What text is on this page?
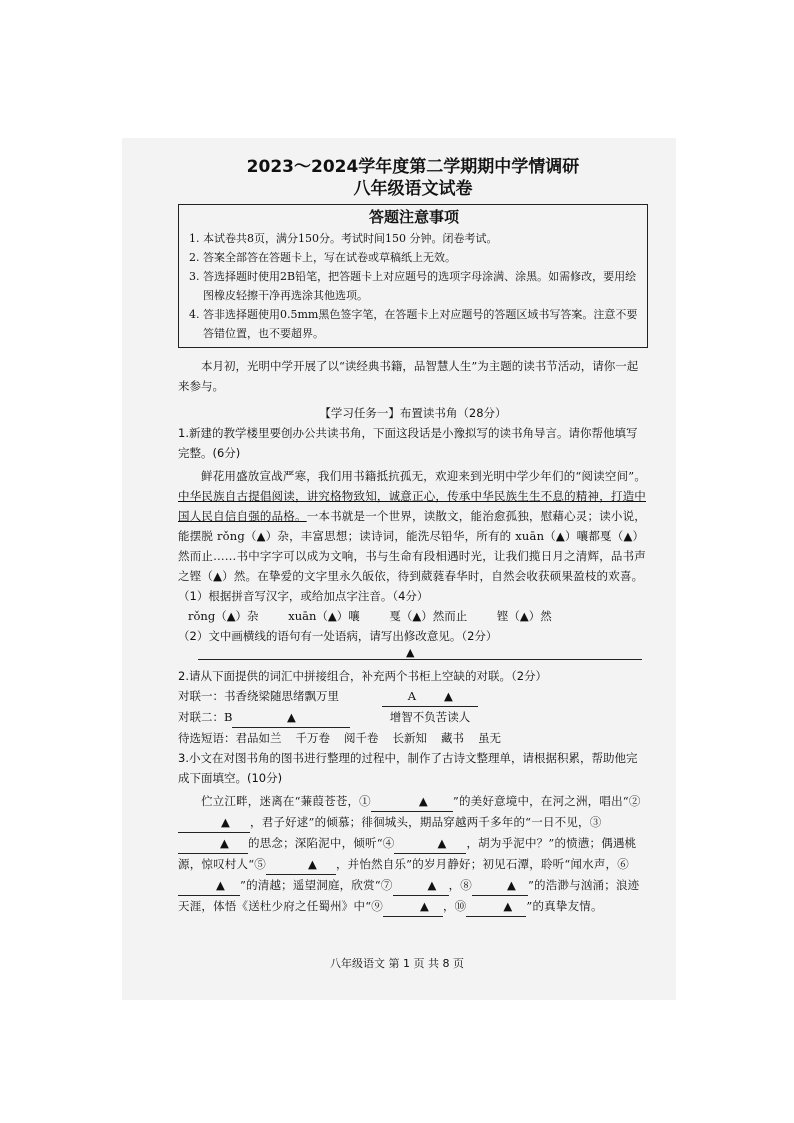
2023～2024学年度第二学期期中学情调研
八年级语文试卷
答题注意事项
1. 本试卷共8页，满分150分。考试时间150 分钟。闭卷考试。
2. 答案全部答在答题卡上，写在试卷或草稿纸上无效。
3. 答选择题时使用2B铅笔，把答题卡上对应题号的选项字母涂满、涂黑。如需修改，要用绘图橡皮轻擦干净再选涂其他选项。
4. 答非选择题使用0.5mm黑色签字笔，在答题卡上对应题号的答题区域书写答案。注意不要答错位置，也不要超界。

本月初，光明中学开展了以“读经典书籍，品智慧人生”为主题的读书节活动，请你一起来参与。

【学习任务一】布置读书角（28分）

1.新建的教学楼里要创办公共读书角，下面这段话是小豫拟写的读书角导言。请你帮他填写完整。(6分)

鲜花用盛放宣战严寒，我们用书籍抵抗孤无，欢迎来到光明中学少年们的“阅读空间”。中华民族自古提倡阅读，讲究格物致知，诚意正心，传承中华民族生生不息的精神，打造中国人民自信自强的品格。一本书就是一个世界，读散文，能治愈孤独，慰藉心灵；读小说，能摆脱 rǒng（▲）杂，丰富思想；读诗词，能洗尽铅华，所有的 xuān（▲）嚷都戛（▲）然而止……书中字字可以成为文响，书与生命有段相遇时光，让我们揽日月之清辉，品书声之铿（▲）然。在挚爱的文字里永久皈依，待到葳蕤春华时，自然会收获硕果盈枝的欢喜。

（1）根据拼音写汉字，或给加点字注音。（4分）

rǒng（▲）杂	xuān（▲）嚷	戛（▲）然而止	铿（▲）然

（2）文中画横线的语句有一处语病，请写出修改意见。（2分）

▲

2.请从下面提供的词汇中拼接组合，补充两个书柜上空缺的对联。（2分）

对联一：书香绕梁随思绪飘万里	A ▲
对联二：B	▲	增智不负苦读人
待选短语：君品如兰 千万卷 阅千卷 长新知 藏书 虽无

3.小文在对图书角的图书进行整理的过程中，制作了古诗文整理单，请根据积累，帮助他完成下面填空。(10分)

伫立江畔，迷离在“蒹葭苍苍，①	▲ ”的美好意境中，在河之洲，唱出“②▲ ，君子好逑”的倾慕；徘徊城头，期品穿越两千多年的“一日不见，③▲ 的思念；深陷泥中，倾听“④	▲ ，胡为乎泥中？”的愤懑；偶遇桃源，惊叹村人“⑤	▲ ，并怡然自乐”的岁月静好；初见石潭，聆听“闻水声，⑥▲ ”的清越；遥望洞庭，欣赏“⑦	▲ ，⑧	▲ ”的浩渺与汹涌；浪迹天涯，体悟《送杜少府之任蜀州》中“⑨	▲ ，⑩	▲ ”的真挚友情。

八年级语文 第 1 页 共 8 页
